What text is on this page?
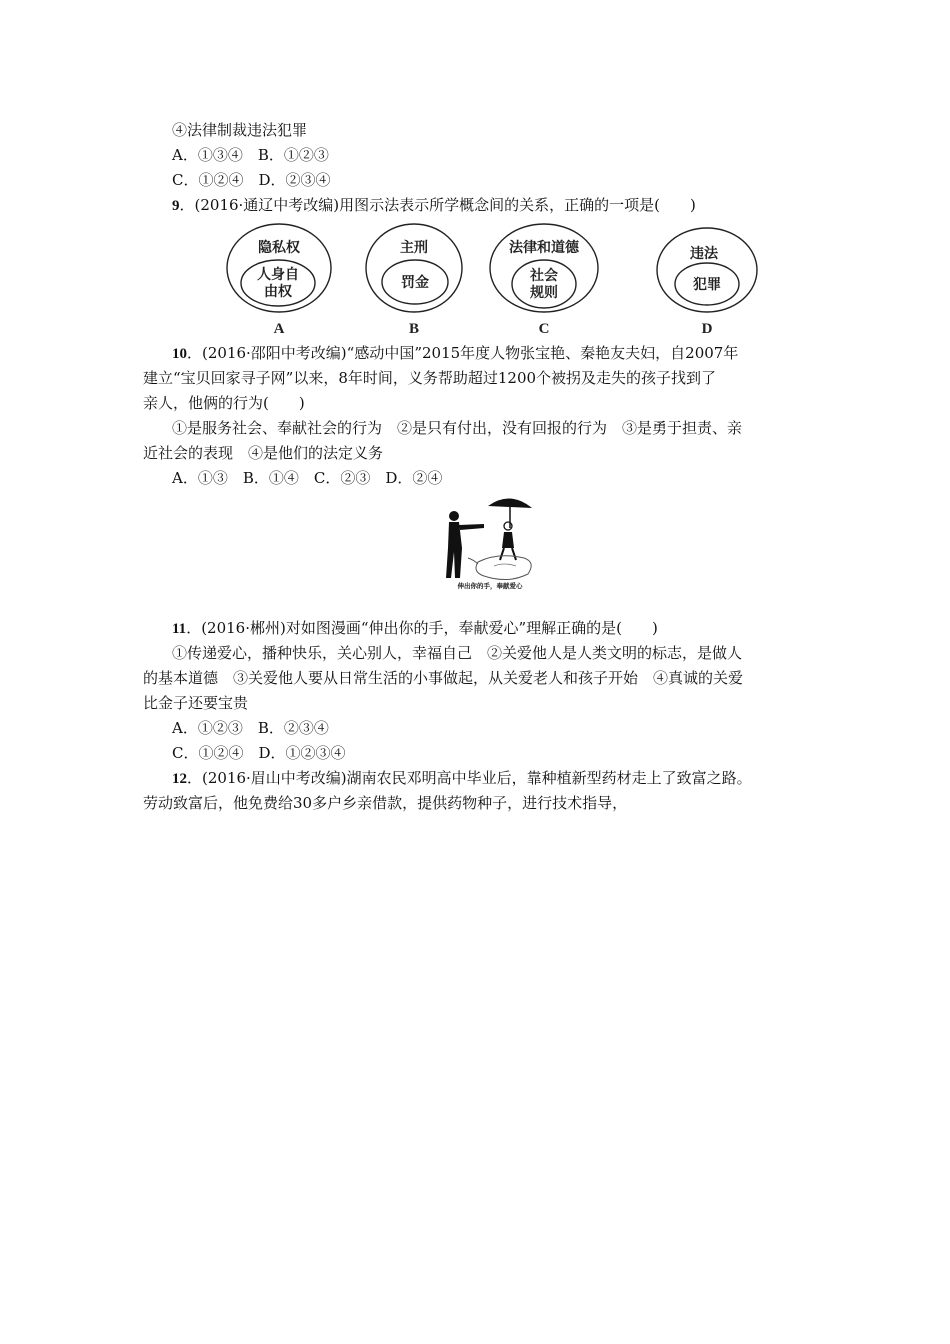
④法律制裁违法犯罪
A．①③④　B．①②③
C．①②④　D．②③④
9．(2016·通辽中考改编)用图示法表示所学概念间的关系，正确的一项是(　　)
隐私权
人身自
由权
A
主刑
罚金
B
法律和道德
社会
规则
C
违法
犯罪
D
10．(2016·邵阳中考改编)“感动中国”2015年度人物张宝艳、秦艳友夫妇，自2007年
建立“宝贝回家寻子网”以来，8年时间，义务帮助超过1200个被拐及走失的孩子找到了
亲人，他俩的行为(　　)
①是服务社会、奉献社会的行为　②是只有付出，没有回报的行为　③是勇于担责、亲
近社会的表现　④是他们的法定义务
A．①③　B．①④　C．②③　D．②④
伸出你的手，奉献爱心
11．(2016·郴州)对如图漫画“伸出你的手，奉献爱心”理解正确的是(　　)
①传递爱心，播种快乐，关心别人，幸福自己　②关爱他人是人类文明的标志，是做人
的基本道德　③关爱他人要从日常生活的小事做起，从关爱老人和孩子开始　④真诚的关爱
比金子还要宝贵
A．①②③　B．②③④
C．①②④　D．①②③④
12．(2016·眉山中考改编)湖南农民邓明高中毕业后，靠种植新型药材走上了致富之路。
劳动致富后，他免费给30多户乡亲借款，提供药物种子，进行技术指导，
